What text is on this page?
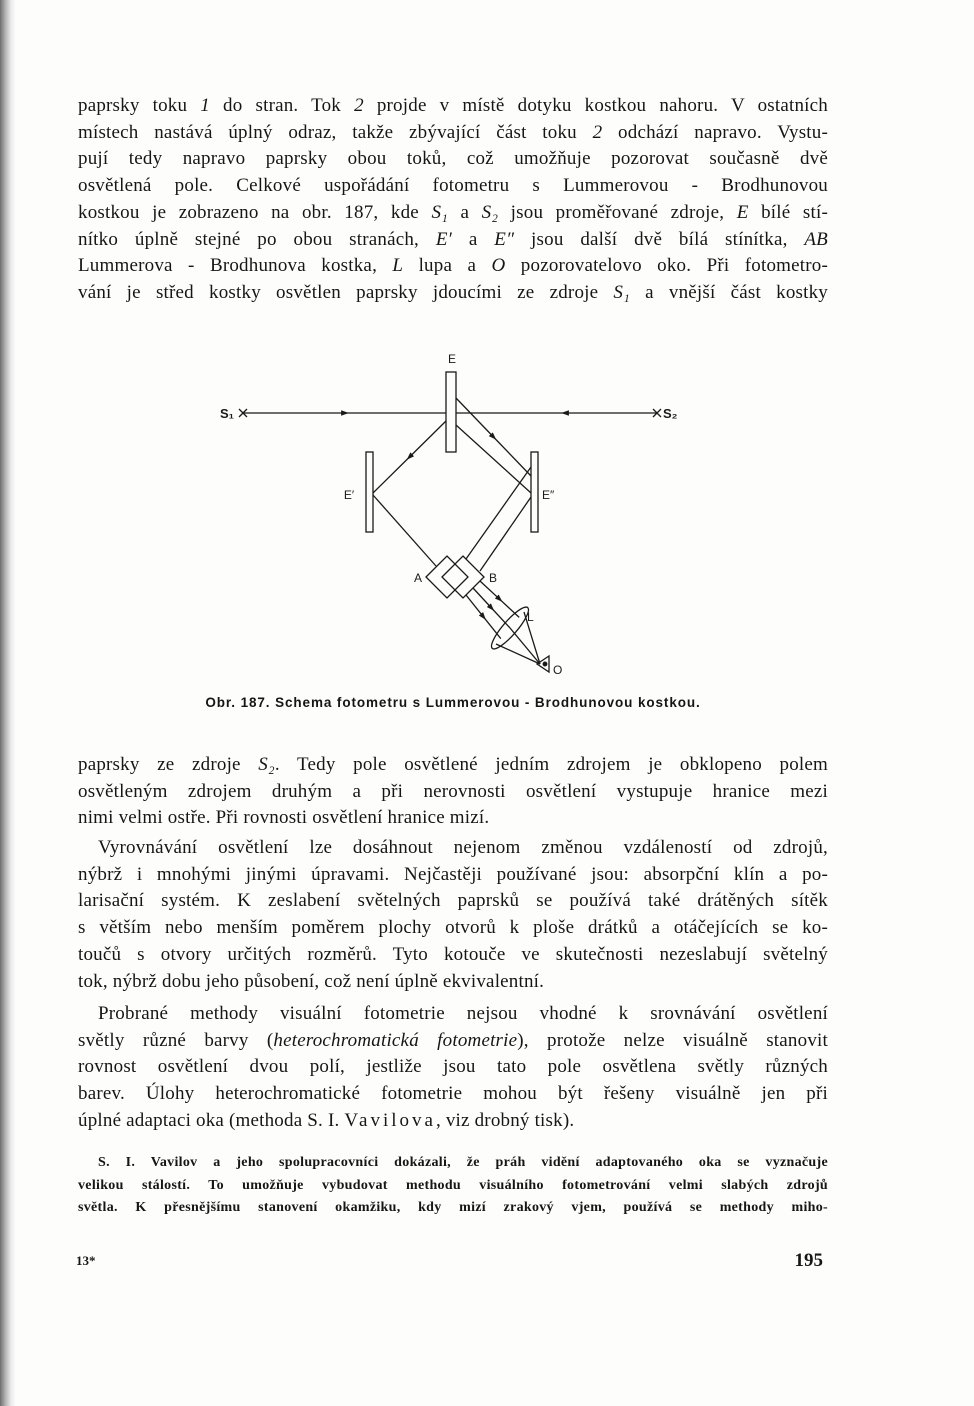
paprsky toku 1 do stran. Tok 2 projde v místě dotyku kostkou nahoru. V ostatních
místech nastává úplný odraz, takže zbývající část toku 2 odchází napravo. Vystu-
pují tedy napravo paprsky obou toků, což umožňuje pozorovat současně dvě
osvětlená pole. Celkové uspořádání fotometru s Lummerovou - Brodhunovou
kostkou je zobrazeno na obr. 187, kde S₁ a S₂ jsou proměřované zdroje, E bílé stí-
nítko úplně stejné po obou stranách, E′ a E″ jsou další dvě bílá stínítka, AB
Lummerova - Brodhunova kostka, L lupa a O pozorovatelovo oko. Při fotometro-
vání je střed kostky osvětlen paprsky jdoucími ze zdroje S₁ a vnější část kostky
S₁	S₂
E
E′	E″
A	B
L
O
Obr. 187. Schema fotometru s Lummerovou - Brodhunovou kostkou.
paprsky ze zdroje S₂. Tedy pole osvětlené jedním zdrojem je obklopeno polem
osvětleným zdrojem druhým a při nerovnosti osvětlení vystupuje hranice mezi
nimi velmi ostře. Při rovnosti osvětlení hranice mizí.
Vyrovnávání osvětlení lze dosáhnout nejenom změnou vzdáleností od zdrojů,
nýbrž i mnohými jinými úpravami. Nejčastěji používané jsou: absorpční klín a po-
larisační systém. K zeslabení světelných paprsků se používá také drátěných sítěk
s větším nebo menším poměrem plochy otvorů k ploše drátků a otáčejících se ko-
toučů s otvory určitých rozměrů. Tyto kotouče ve skutečnosti nezeslabují světelný
tok, nýbrž dobu jeho působení, což není úplně ekvivalentní.
Probrané methody visuální fotometrie nejsou vhodné k srovnávání osvětlení
světly různé barvy (heterochromatická fotometrie), protože nelze visuálně stanovit
rovnost osvětlení dvou polí, jestliže jsou tato pole osvětlena světly různých
barev. Úlohy heterochromatické fotometrie mohou být řešeny visuálně jen při
úplné adaptaci oka (methoda S. I. Vavilova, viz drobný tisk).
S. I. Vavilov a jeho spolupracovníci dokázali, že práh vidění adaptovaného oka se vyznačuje
velikou stálostí. To umožňuje vybudovat methodu visuálního fotometrování velmi slabých zdrojů
světla. K přesnějšímu stanovení okamžiku, kdy mizí zrakový vjem, používá se methody miho-
13*	195
